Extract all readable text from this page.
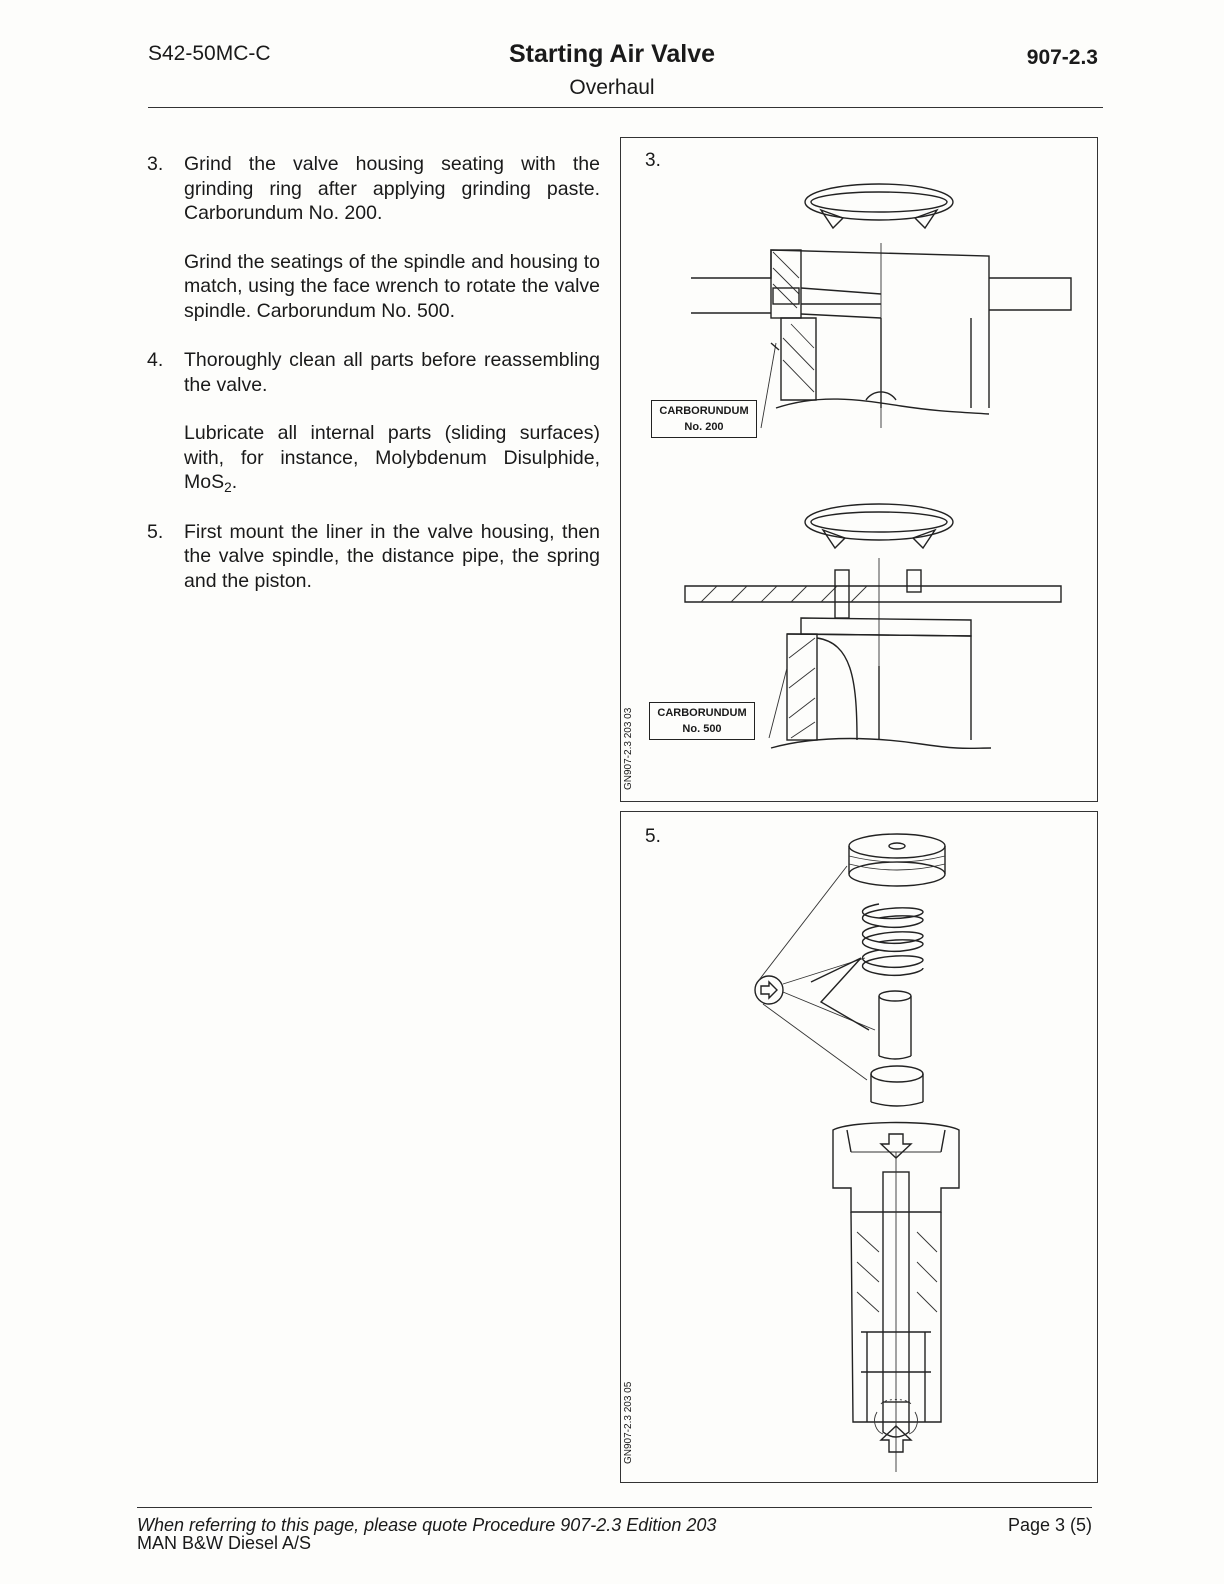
S42-50MC-C	Starting Air Valve
Overhaul
907-2.3
3. Grind the valve housing seating with the grinding ring after applying grinding paste. Carborundum No. 200.

Grind the seatings of the spindle and housing to match, using the face wrench to rotate the valve spindle. Carborundum No. 500.

4. Thoroughly clean all parts before reassembling the valve.

Lubricate all internal parts (sliding surfaces) with, for instance, Molybdenum Disulphide, MoS$_2$.

5. First mount the liner in the valve housing, then the valve spindle, the distance pipe, the spring and the piston.

3.
CARBORUNDUM
No. 200
CARBORUNDUM
No. 500
GN907-2.3 203 03
5.
GN907-2.3 203 05
When referring to this page, please quote Procedure 907-2.3 Edition 203	Page 3 (5)
MAN B&W Diesel A/S
